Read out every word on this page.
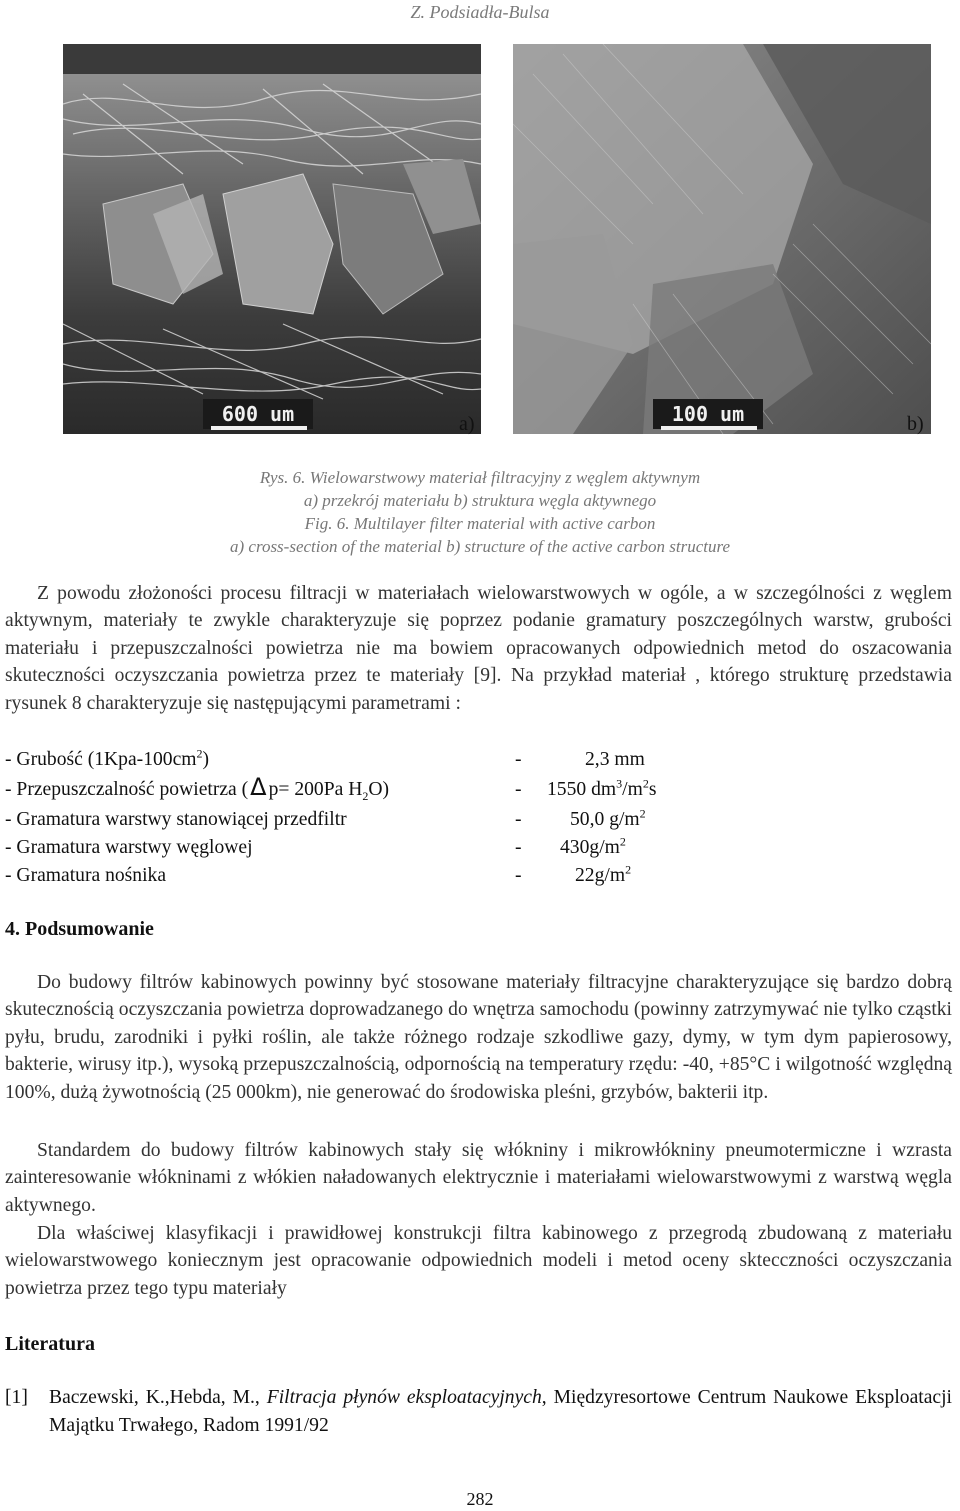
Z. Podsiadła-Bulsa
600 um	a)	100 um	b)
Rys. 6. Wielowarstwowy materiał filtracyjny z węglem aktywnym
a) przekrój materiału b) struktura węgla aktywnego
Fig. 6. Multilayer filter material with active carbon
a) cross-section of the material b) structure of the active carbon structure

Z powodu złożoności procesu filtracji w materiałach wielowarstwowych w ogóle, a w szczególności z węglem aktywnym, materiały te zwykle charakteryzuje się poprzez podanie gramatury poszczególnych warstw, grubości materiału i przepuszczalności powietrza nie ma bowiem opracowanych odpowiednich metod do oszacowania skuteczności oczyszczania powietrza przez te materiały [9]. Na przykład materiał , którego strukturę przedstawia rysunek 8 charakteryzuje się następującymi parametrami :

- Grubość $(1Kpa-100cm^2)$	-	2,3 mm
- Przepuszczalność powietrza (Δ p= 200Pa $H_2O$)	- 1550 $dm^3/m^2s$
- Gramatura warstwy stanowiącej przedfiltr	- 50,0 $g/m^2$
- Gramatura warstwy węglowej	- $430g/m^2$
- Gramatura nośnika	-	$22g/m^2$
4. Podsumowanie

Do budowy filtrów kabinowych powinny być stosowane materiały filtracyjne charakteryzujące się bardzo dobrą skutecznością oczyszczania powietrza doprowadzanego do wnętrza samochodu (powinny zatrzymywać nie tylko cząstki pyłu, brudu, zarodniki i pyłki roślin, ale także różnego rodzaje szkodliwe gazy, dymy, w tym dym papierosowy, bakterie, wirusy itp.), wysoką przepuszczalnością, odpornością na temperatury rzędu: -40, +85°C i wilgotność względną 100%, dużą żywotnością (25 000km), nie generować do środowiska pleśni, grzybów, bakterii itp.

Standardem do budowy filtrów kabinowych stały się włókniny i mikrowłókniny pneumotermiczne i wzrasta zainteresowanie włókninami z włókien naładowanych elektrycznie i materiałami wielowarstwowymi z warstwą węgla aktywnego.

Dla właściwej klasyfikacji i prawidłowej konstrukcji filtra kabinowego z przegrodą zbudowaną z materiału wielowarstwowego koniecznym jest opracowanie odpowiednich modeli i metod oceny sktecczności oczyszczania powietrza przez tego typu materiały

Literatura
[1] Baczewski, K.,Hebda, M., Filtracja płynów eksploatacyjnych, Międzyresortowe Centrum Naukowe Eksploatacji Majątku Trwałego, Radom 1991/92
282
